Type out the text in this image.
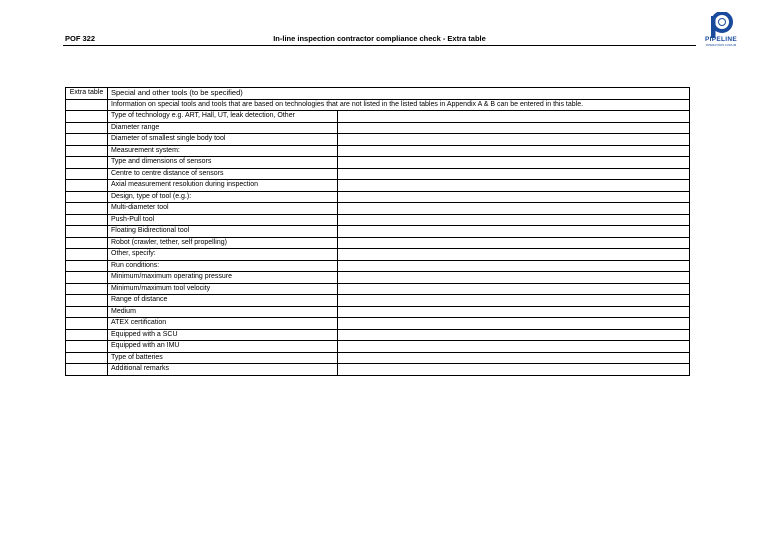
POF 322	In-line inspection contractor compliance check - Extra table	PIPELINE
OPERATORS FORUM
Extra table	Special and other tools (to be specified)	
	Information on special tools and tools that are based on technologies that are not listed in the listed tables in Appendix A & B can be entered in this table.	
	Type of technology e.g. ART, Hall, UT, leak detection, Other	
	Diameter range	
	Diameter of smallest single body tool	
	Measurement system:	
	Type and dimensions of sensors	
	Centre to centre distance of sensors	
	Axial measurement resolution during inspection	
	Design, type of tool (e.g.):	
	Multi-diameter tool	
	Push-Pull tool	
	Floating Bidirectional tool	
	Robot (crawler, tether, self propelling)	
	Other, specify:	
	Run conditions:	
	Minimum/maximum operating pressure	
	Minimum/maximum tool velocity	
	Range of distance	
	Medium	
	ATEX certification	
	Equipped with a SCU	
	Equipped with an IMU	
	Type of batteries	
	Additional remarks	
